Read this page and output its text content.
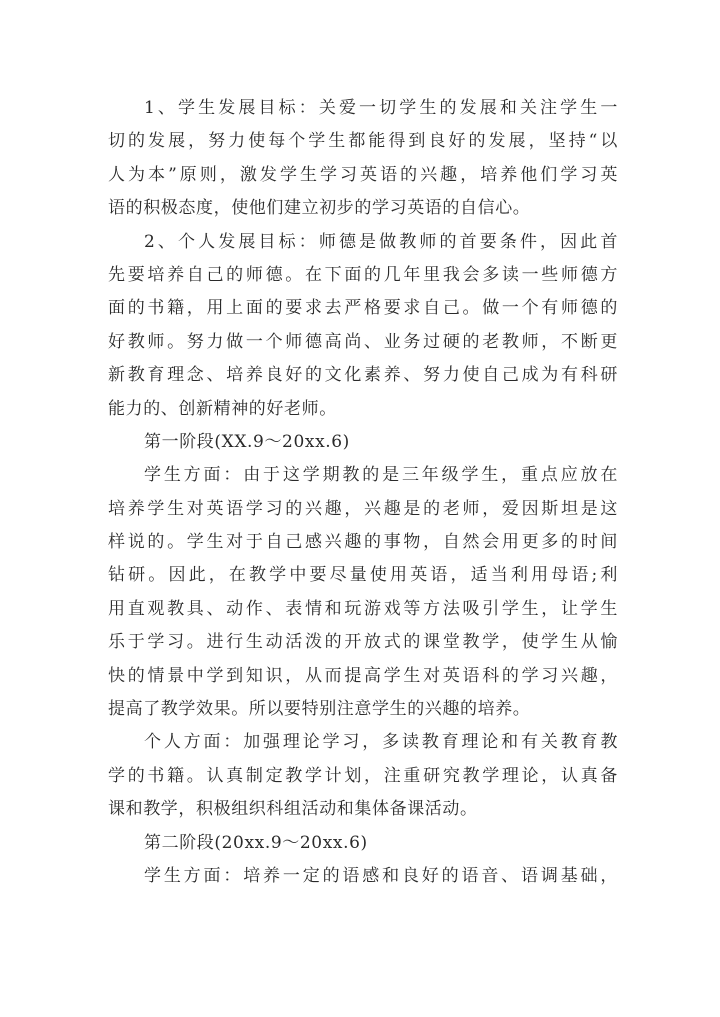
1、学生发展目标：关爱一切学生的发展和关注学生一
切的发展，努力使每个学生都能得到良好的发展，坚持“以
人为本”原则，激发学生学习英语的兴趣，培养他们学习英
语的积极态度，使他们建立初步的学习英语的自信心。
2、个人发展目标：师德是做教师的首要条件，因此首
先要培养自己的师德。在下面的几年里我会多读一些师德方
面的书籍，用上面的要求去严格要求自己。做一个有师德的
好教师。努力做一个师德高尚、业务过硬的老教师，不断更
新教育理念、培养良好的文化素养、努力使自己成为有科研
能力的、创新精神的好老师。
第一阶段(XX.9～20xx.6)
学生方面：由于这学期教的是三年级学生，重点应放在
培养学生对英语学习的兴趣，兴趣是的老师，爱因斯坦是这
样说的。学生对于自己感兴趣的事物，自然会用更多的时间
钻研。因此，在教学中要尽量使用英语，适当利用母语;利
用直观教具、动作、表情和玩游戏等方法吸引学生，让学生
乐于学习。进行生动活泼的开放式的课堂教学，使学生从愉
快的情景中学到知识，从而提高学生对英语科的学习兴趣，
提高了教学效果。所以要特别注意学生的兴趣的培养。
个人方面：加强理论学习，多读教育理论和有关教育教
学的书籍。认真制定教学计划，注重研究教学理论，认真备
课和教学，积极组织科组活动和集体备课活动。
第二阶段(20xx.9～20xx.6)
学生方面：培养一定的语感和良好的语音、语调基础，
